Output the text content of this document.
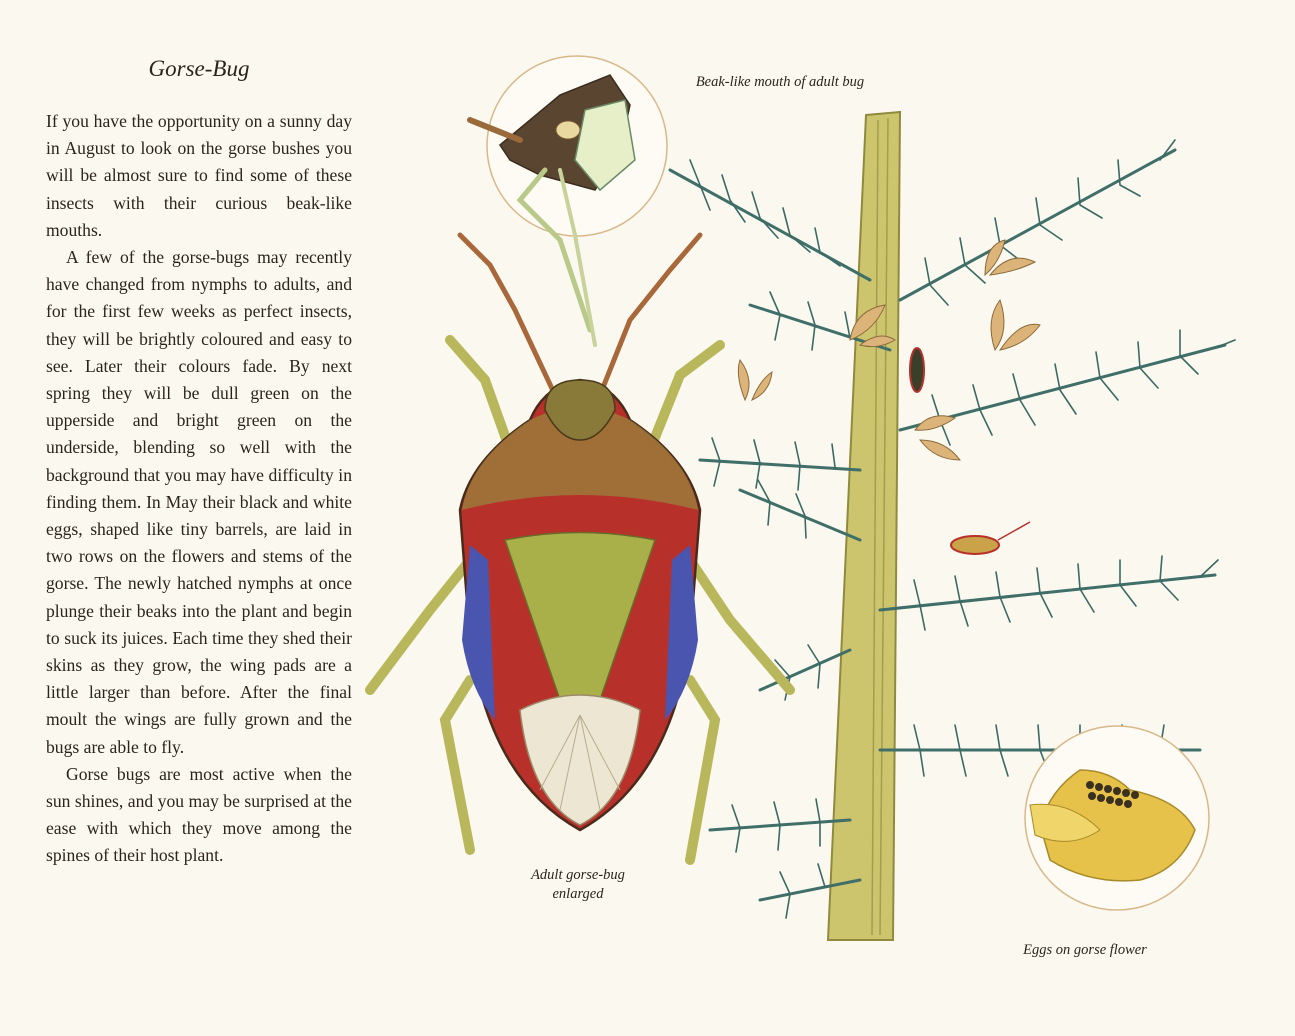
Gorse-Bug

If you have the opportunity on a sunny day in August to look on the gorse bushes you will be almost sure to find some of these insects with their curious beak-like mouths.

A few of the gorse-bugs may recently have changed from nymphs to adults, and for the first few weeks as perfect insects, they will be brightly coloured and easy to see. Later their colours fade. By next spring they will be dull green on the upperside and bright green on the underside, blending so well with the background that you may have difficulty in finding them. In May their black and white eggs, shaped like tiny barrels, are laid in two rows on the flowers and stems of the gorse. The newly hatched nymphs at once plunge their beaks into the plant and begin to suck its juices. Each time they shed their skins as they grow, the wing pads are a little larger than before. After the final moult the wings are fully grown and the bugs are able to fly.

Gorse bugs are most active when the sun shines, and you may be surprised at the ease with which they move among the spines of their host plant.

Beak-like mouth of adult bug
Adult gorse-bug
enlarged
Eggs on gorse flower
